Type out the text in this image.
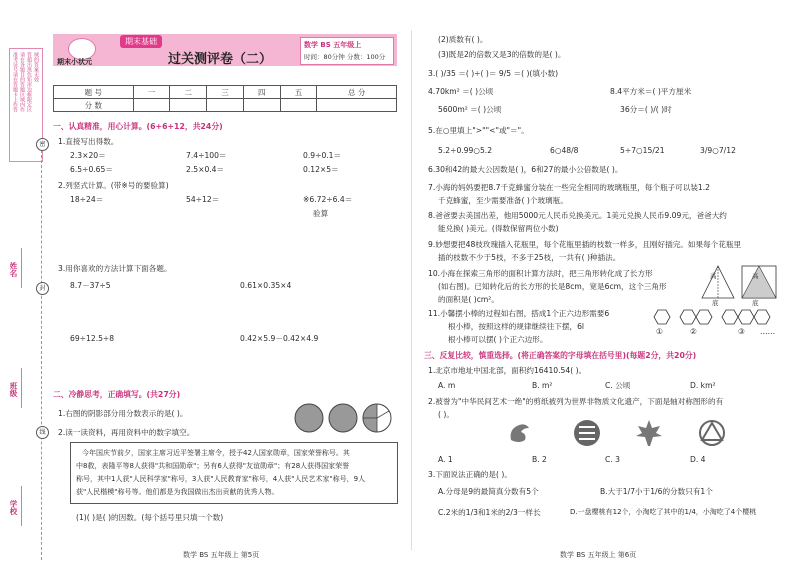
准考证号请在答题卡上作答
请在各题目的答题区域内作
答超出黑色矩形边框限定区
域的答案无效
密
封
线
姓名
班级
学校
期末小状元
期末基础
过关测评卷（二）
数学 BS 五年级上
时间：80分钟 分数：100分
题 号	一	二	三	四	五	总 分
分 数						
一、认真精准，用心计算。(6+6+12，共24分)
1.直接写出得数。
2.3×20＝	7.4÷100＝	0.9÷0.1＝
6.5÷0.65＝	2.5×0.4＝	0.12×5＝
2.列竖式计算。(带※号的要验算)
18÷24＝	54÷12＝	※6.72÷6.4＝
验算
3.用你喜欢的方法计算下面各题。
8.7－37÷5	0.61×0.35×4
69÷12.5÷8	0.42×5.9－0.42×4.9
二、冷静思考，正确填写。(共27分)
1.右图的阴影部分用分数表示的是( )。
2.读一读资料，再用资料中的数字填空。
今年国庆节前夕，国家主席习近平签署主席令，授予42人国家勋章，国家荣誉称号。其
中8救，表隆平等8人获得"共和国勋章"；另有6人获得"友谊勋章"；有28人获得国家荣誉
称号，其中1人获"人民科学家"称号，3人获"人民教育家"称号，4人获"人民艺术家"称号，9人
获"人民楷模"称号等。他们都是为我国做出杰出贡献的优秀人物。
(1)( )是( )的因数。(每个括号里只填一个数)
数学 BS 五年级上 第5页
(2)质数有( )。
(3)既是2的倍数又是3的倍数的是( )。
3.( )/35 ＝( )÷( )＝ 9/5 ＝( )(填小数)
4.70km² ＝( )公顷	8.4平方米＝( )平方厘米
5600m² ＝( )公顷	36分＝( )/( )时
5.在○里填上">""<"或"＝"。
5.2÷0.99○5.2	6○48/8	5÷7○15/21	3/9○7/12
6.30和42的最大公因数是( )，6和27的最小公倍数是( )。
7.小海的妈妈要把8.7千克蜂蜜分装在一些完全相同的玻璃瓶里，每个瓶子可以装1.2
千克蜂蜜，至少需要准备( )个玻璃瓶。
8.爸爸要去美国出差，他用5000元人民币兑换美元。1美元兑换人民币9.09元，爸爸大约
能兑换( )美元。(得数保留两位小数)
9.妙想要把48枝玫瑰插入花瓶里，每个花瓶里插的枝数一样多，且刚好插完。如果每个花瓶里
插的枝数不少于5枝，不多于25枝，一共有( )种插法。
10.小海在探索三角形的面积计算方法时，把三角形转化成了长方形
(如右图)。已知转化后的长方形的长是8cm，宽是6cm，这个三角形
的面积是( )cm²。
高	高
底	底
11.小馨摆小棒的过程如右图，搭成1个正六边形需要6
根小棒，按照这样的规律继续往下摆，6l
根小棒可以摆( )个正六边形。
①	②	③ ……
三、反复比较，慎重选择。(将正确答案的字母填在括号里)(每题2分，共20分)
1.北京市地址中国北部，面积约16410.54( )。
A. m	B. m²	C. 公顷	D. km²
2.被誉为"中华民间艺术一绝"的剪纸被列为世界非物质文化遗产，下面是轴对称图形的有
( )。
A. 1	B. 2	C. 3	D. 4
3.下面说法正确的是( )。
A.分母是9的最简真分数有5个	B.大于1/7小于1/6的分数只有1个
C.2米的1/3和1米的2/3一样长	D.一盘樱桃有12个，小淘吃了其中的1/4，小淘吃了4个樱桃
数学 BS 五年级上 第6页
